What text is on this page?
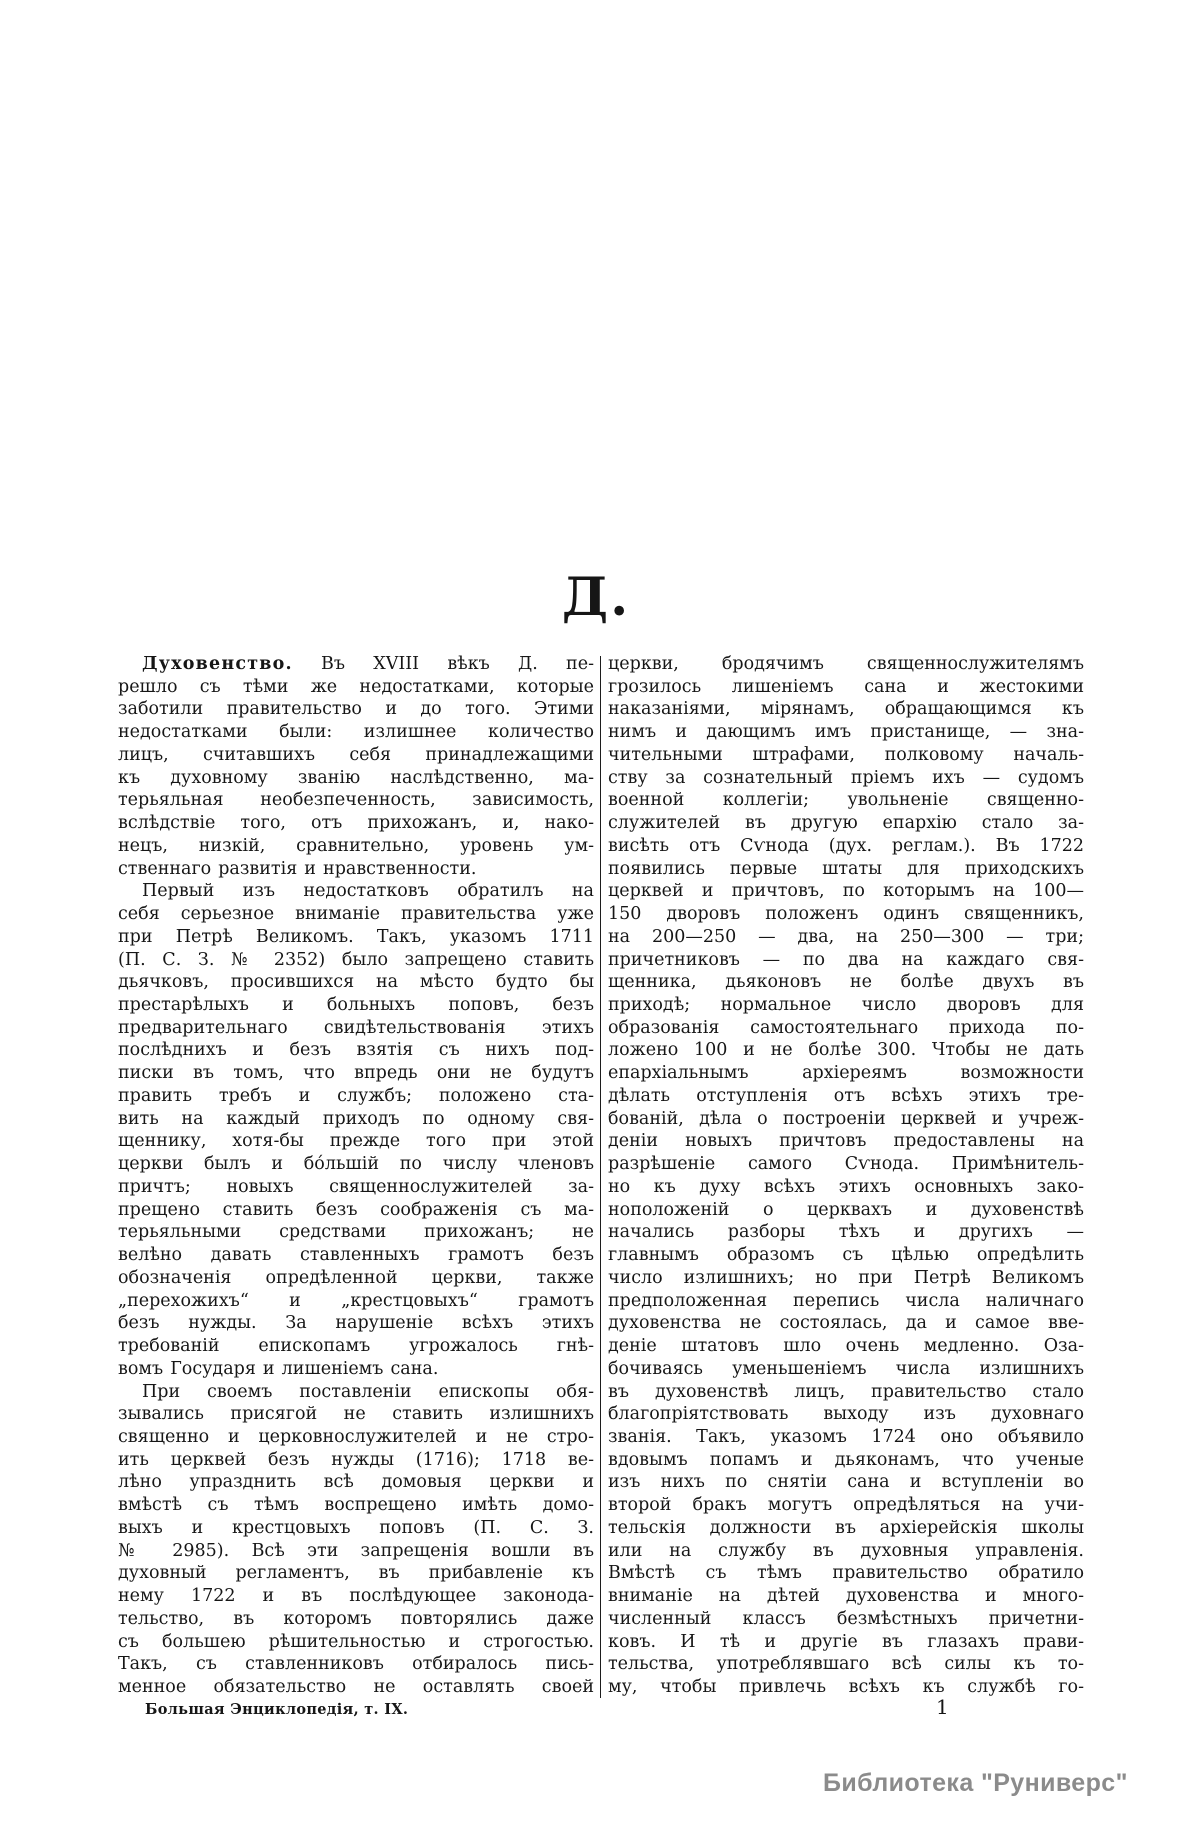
Д.
Духовенство. Въ XVIII вѣкъ Д. пе-
решло съ тѣми же недостатками, которые
заботили правительство и до того. Этими
недостатками были: излишнее количество
лицъ, считавшихъ себя принадлежащими
къ духовному званію наслѣдственно, ма-
терьяльная необезпеченность, зависимость,
вслѣдствіе того, отъ прихожанъ, и, нако-
нецъ, низкій, сравнительно, уровень ум-
ственнаго развитія и нравственности.
Первый изъ недостатковъ обратилъ на
себя серьезное вниманіе правительства уже
при Петрѣ Великомъ. Такъ, указомъ 1711
(П. С. З. № 2352) было запрещено ставить
дьячковъ, просившихся на мѣсто будто бы
престарѣлыхъ и больныхъ поповъ, безъ
предварительнаго свидѣтельствованія этихъ
послѣднихъ и безъ взятія съ нихъ под-
писки въ томъ, что впредь они не будутъ
править требъ и службъ; положено ста-
вить на каждый приходъ по одному свя-
щеннику, хотя-бы прежде того при этой
церкви былъ и бо́льшій по числу членовъ
причтъ; новыхъ священнослужителей за-
прещено ставить безъ соображенія съ ма-
терьяльными средствами прихожанъ; не
велѣно давать ставленныхъ грамотъ безъ
обозначенія опредѣленной церкви, также
„перехожихъ“ и „крестцовыхъ“ грамотъ
безъ нужды. За нарушеніе всѣхъ этихъ
требованій епископамъ угрожалось гнѣ-
вомъ Государя и лишеніемъ сана.
При своемъ поставленіи епископы обя-
зывались присягой не ставить излишнихъ
священно и церковнослужителей и не стро-
ить церквей безъ нужды (1716); 1718 ве-
лѣно упразднить всѣ домовыя церкви и
вмѣстѣ съ тѣмъ воспрещено имѣть домо-
выхъ и крестцовыхъ поповъ (П. С. З.
№ 2985). Всѣ эти запрещенія вошли въ
духовный регламентъ, въ прибавленіе къ
нему 1722 и въ послѣдующее законода-
тельство, въ которомъ повторялись даже
съ большею рѣшительностью и строгостью.
Такъ, съ ставленниковъ отбиралось пись-
менное обязательство не оставлять своей
церкви, бродячимъ священнослужителямъ
грозилось лишеніемъ сана и жестокими
наказаніями, мірянамъ, обращающимся къ
нимъ и дающимъ имъ пристанище, — зна-
чительными штрафами, полковому началь-
ству за сознательный пріемъ ихъ — судомъ
военной коллегіи; увольненіе священно-
служителей въ другую епархію стало за-
висѣть отъ Сѵнода (дух. реглам.). Въ 1722
появились первые штаты для приходскихъ
церквей и причтовъ, по которымъ на 100—
150 дворовъ положенъ одинъ священникъ,
на 200—250 — два, на 250—300 — три;
причетниковъ — по два на каждаго свя-
щенника, дьяконовъ не болѣе двухъ въ
приходѣ; нормальное число дворовъ для
образованія самостоятельнаго прихода по-
ложено 100 и не болѣе 300. Чтобы не дать
епархіальнымъ архіереямъ возможности
дѣлать отступленія отъ всѣхъ этихъ тре-
бованій, дѣла о построеніи церквей и учреж-
деніи новыхъ причтовъ предоставлены на
разрѣшеніе самого Сѵнода. Примѣнитель-
но къ духу всѣхъ этихъ основныхъ зако-
ноположеній о церквахъ и духовенствѣ
начались разборы тѣхъ и другихъ —
главнымъ образомъ съ цѣлью опредѣлить
число излишнихъ; но при Петрѣ Великомъ
предположенная перепись числа наличнаго
духовенства не состоялась, да и самое вве-
деніе штатовъ шло очень медленно. Оза-
бочиваясь уменьшеніемъ числа излишнихъ
въ духовенствѣ лицъ, правительство стало
благопріятствовать выходу изъ духовнаго
званія. Такъ, указомъ 1724 оно объявило
вдовымъ попамъ и дьяконамъ, что ученые
изъ нихъ по снятіи сана и вступленіи во
второй бракъ могутъ опредѣляться на учи-
тельскія должности въ архіерейскія школы
или на службу въ духовныя управленія.
Вмѣстѣ съ тѣмъ правительство обратило
вниманіе на дѣтей духовенства и много-
численный классъ безмѣстныхъ причетни-
ковъ. И тѣ и другіе въ глазахъ прави-
тельства, употреблявшаго всѣ силы къ то-
му, чтобы привлечь всѣхъ къ службѣ го-
Большая Энциклопедія, т. IX.	1
Библиотека "Руниверс"
